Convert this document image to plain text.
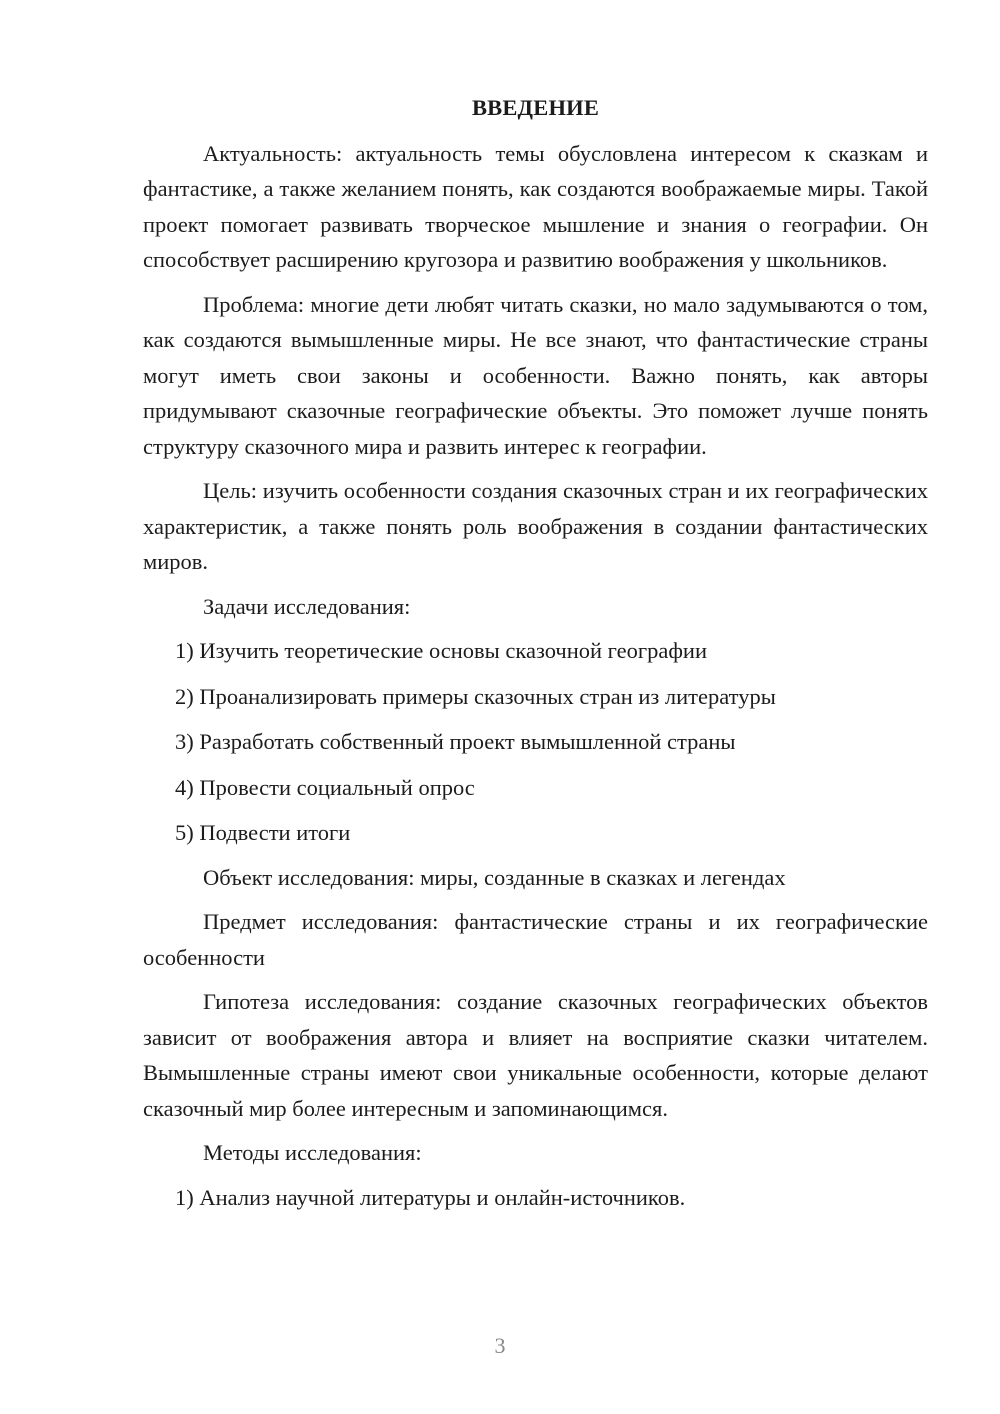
ВВЕДЕНИЕ

Актуальность: актуальность темы обусловлена интересом к сказкам и фантастике, а также желанием понять, как создаются воображаемые миры. Такой проект помогает развивать творческое мышление и знания о географии. Он способствует расширению кругозора и развитию воображения у школьников.

Проблема: многие дети любят читать сказки, но мало задумываются о том, как создаются вымышленные миры. Не все знают, что фантастические страны могут иметь свои законы и особенности. Важно понять, как авторы придумывают сказочные географические объекты. Это поможет лучше понять структуру сказочного мира и развить интерес к географии.

Цель: изучить особенности создания сказочных стран и их географических характеристик, а также понять роль воображения в создании фантастических миров.

Задачи исследования:

1) Изучить теоретические основы сказочной географии
2) Проанализировать примеры сказочных стран из литературы
3) Разработать собственный проект вымышленной страны
4) Провести социальный опрос
5) Подвести итоги

Объект исследования: миры, созданные в сказках и легендах

Предмет исследования: фантастические страны и их географические особенности

Гипотеза исследования: создание сказочных географических объектов зависит от воображения автора и влияет на восприятие сказки читателем. Вымышленные страны имеют свои уникальные особенности, которые делают сказочный мир более интересным и запоминающимся.

Методы исследования:

1) Анализ научной литературы и онлайн-источников.
3
